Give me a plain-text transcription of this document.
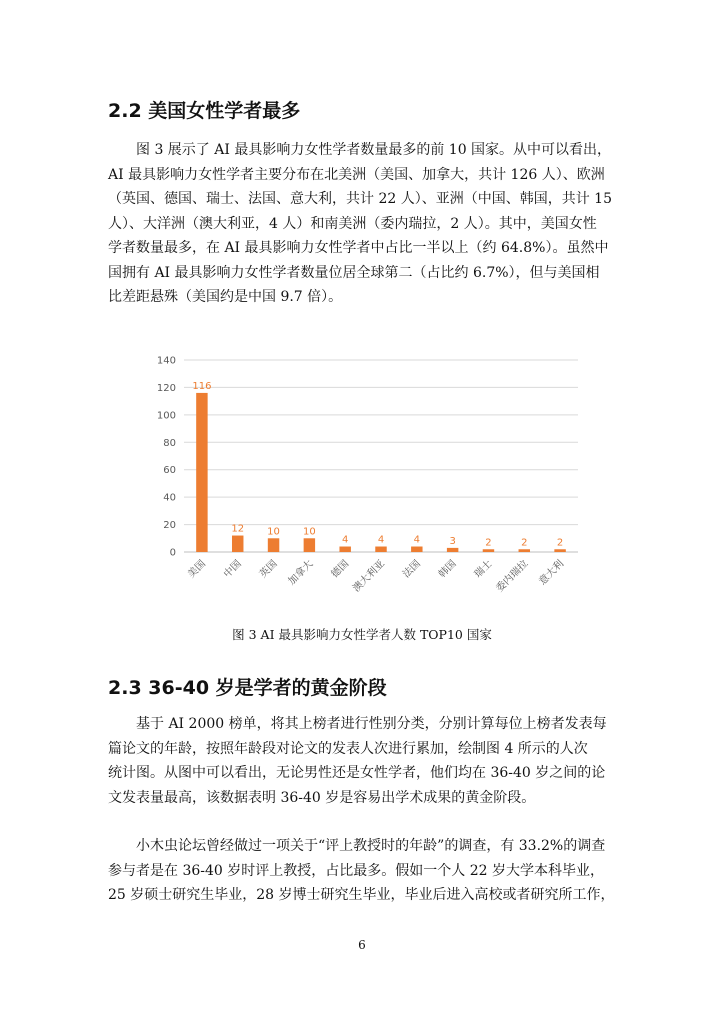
2.2 美国女性学者最多
图 3 展示了 AI 最具影响力女性学者数量最多的前 10 国家。从中可以看出，
AI 最具影响力女性学者主要分布在北美洲（美国、加拿大，共计 126 人）、欧洲
（英国、德国、瑞士、法国、意大利，共计 22 人）、亚洲（中国、韩国，共计 15
人）、大洋洲（澳大利亚，4 人）和南美洲（委内瑞拉，2 人）。其中，美国女性
学者数量最多，在 AI 最具影响力女性学者中占比一半以上（约 64.8%）。虽然中
国拥有 AI 最具影响力女性学者数量位居全球第二（占比约 6.7%），但与美国相
比差距悬殊（美国约是中国 9.7 倍）。
0
20
40
60
80
100
120
140
116
美国
12
中国
10
英国
10
加拿大
4
德国
4
澳大利亚
4
法国
3
韩国
2
瑞士
2
委内瑞拉
2
意大利
图 3 AI 最具影响力女性学者人数 TOP10 国家
2.3 36-40 岁是学者的黄金阶段
基于 AI 2000 榜单，将其上榜者进行性别分类，分别计算每位上榜者发表每
篇论文的年龄，按照年龄段对论文的发表人次进行累加，绘制图 4 所示的人次
统计图。从图中可以看出，无论男性还是女性学者，他们均在 36-40 岁之间的论
文发表量最高，该数据表明 36-40 岁是容易出学术成果的黄金阶段。
小木虫论坛曾经做过一项关于“评上教授时的年龄”的调查，有 33.2%的调查
参与者是在 36-40 岁时评上教授，占比最多。假如一个人 22 岁大学本科毕业，
25 岁硕士研究生毕业，28 岁博士研究生毕业，毕业后进入高校或者研究所工作，
6
